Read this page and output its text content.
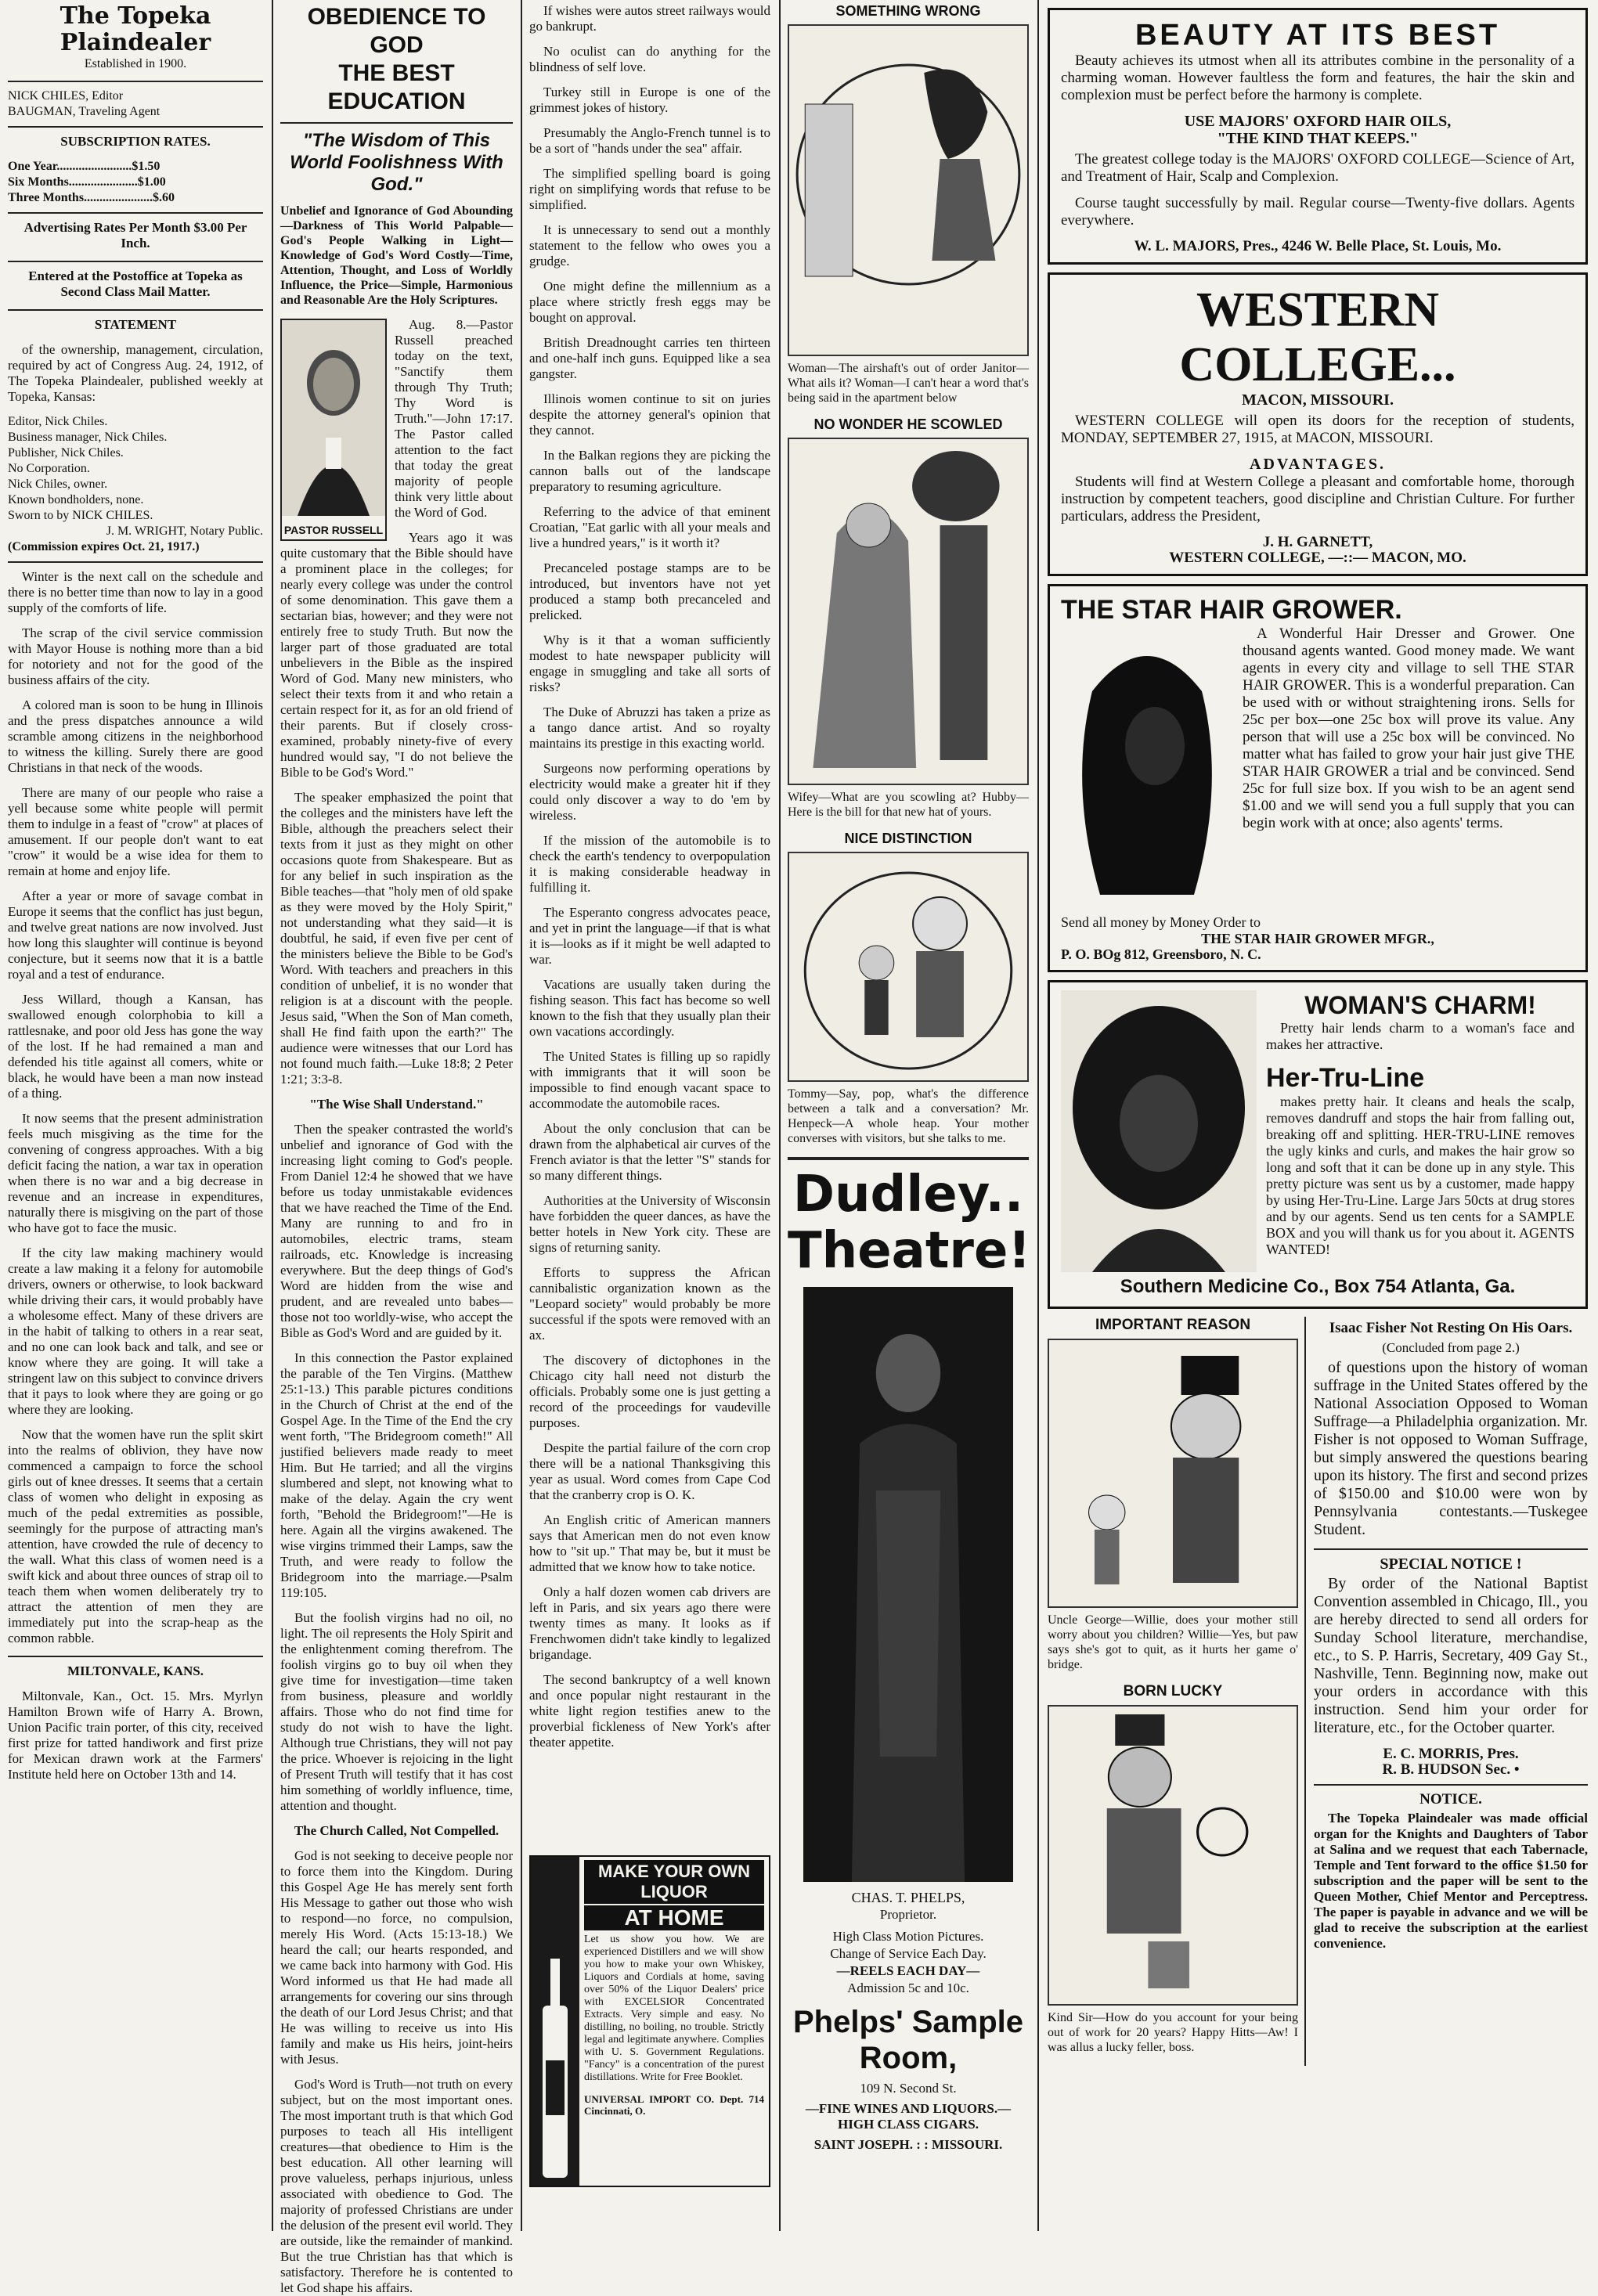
The Topeka Plaindealer

Established in 1900.

NICK CHILES, Editor

BAUGMAN, Traveling Agent

SUBSCRIPTION RATES.

One Year........................$1.50

Six Months......................$1.00

Three Months......................$.60

Advertising Rates Per Month $3.00 Per Inch.

Entered at the Postoffice at Topeka as Second Class Mail Matter.

STATEMENT

of the ownership, management, circulation, required by act of Congress Aug. 24, 1912, of The Topeka Plaindealer, published weekly at Topeka, Kansas:

Editor, Nick Chiles.

Business manager, Nick Chiles.

Publisher, Nick Chiles.

No Corporation.

Nick Chiles, owner.

Known bondholders, none.

Sworn to by NICK CHILES.

J. M. WRIGHT, Notary Public.

(Commission expires Oct. 21, 1917.)

Winter is the next call on the schedule and there is no better time than now to lay in a good supply of the comforts of life.

The scrap of the civil service commission with Mayor House is nothing more than a bid for notoriety and not for the good of the business affairs of the city.

A colored man is soon to be hung in Illinois and the press dispatches announce a wild scramble among citizens in the neighborhood to witness the killing. Surely there are good Christians in that neck of the woods.

There are many of our people who raise a yell because some white people will permit them to indulge in a feast of "crow" at places of amusement. If our people don't want to eat "crow" it would be a wise idea for them to remain at home and enjoy life.

After a year or more of savage combat in Europe it seems that the conflict has just begun, and twelve great nations are now involved. Just how long this slaughter will continue is beyond conjecture, but it seems now that it is a battle royal and a test of endurance.

Jess Willard, though a Kansan, has swallowed enough colorphobia to kill a rattlesnake, and poor old Jess has gone the way of the lost. If he had remained a man and defended his title against all comers, white or black, he would have been a man now instead of a thing.

It now seems that the present administration feels much misgiving as the time for the convening of congress approaches. With a big deficit facing the nation, a war tax in operation when there is no war and a big decrease in revenue and an increase in expenditures, naturally there is misgiving on the part of those who have got to face the music.

If the city law making machinery would create a law making it a felony for automobile drivers, owners or otherwise, to look backward while driving their cars, it would probably have a wholesome effect. Many of these drivers are in the habit of talking to others in a rear seat, and no one can look back and talk, and see or know where they are going. It will take a stringent law on this subject to convince drivers that it pays to look where they are going or go where they are looking.

Now that the women have run the split skirt into the realms of oblivion, they have now commenced a campaign to force the school girls out of knee dresses. It seems that a certain class of women who delight in exposing as much of the pedal extremities as possible, seemingly for the purpose of attracting man's attention, have crowded the rule of decency to the wall. What this class of women need is a swift kick and about three ounces of strap oil to teach them when women deliberately try to attract the attention of men they are immediately put into the scrap-heap as the common rabble.

MILTONVALE, KANS.

Miltonvale, Kan., Oct. 15. Mrs. Myrlyn Hamilton Brown wife of Harry A. Brown, Union Pacific train porter, of this city, received first prize for tatted handiwork and first prize for Mexican drawn work at the Farmers' Institute held here on October 13th and 14.

OBEDIENCE TO GOD
THE BEST EDUCATION
"The Wisdom of This World Foolishness With God."

Unbelief and Ignorance of God Abounding—Darkness of This World Palpable—God's People Walking in Light—Knowledge of God's Word Costly—Time, Attention, Thought, and Loss of Worldly Influence, the Price—Simple, Harmonious and Reasonable Are the Holy Scriptures.

PASTOR RUSSELL

Aug. 8.—Pastor Russell preached today on the text, "Sanctify them through Thy Truth; Thy Word is Truth."—John 17:17. The Pastor called attention to the fact that today the great majority of people think very little about the Word of God.

Years ago it was quite customary that the Bible should have a prominent place in the colleges; for nearly every college was under the control of some denomination. This gave them a sectarian bias, however; and they were not entirely free to study Truth. But now the larger part of those graduated are total unbelievers in the Bible as the inspired Word of God. Many new ministers, who select their texts from it and who retain a certain respect for it, as for an old friend of their parents. But if closely cross-examined, probably ninety-five of every hundred would say, "I do not believe the Bible to be God's Word."

The speaker emphasized the point that the colleges and the ministers have left the Bible, although the preachers select their texts from it just as they might on other occasions quote from Shakespeare. But as for any belief in such inspiration as the Bible teaches—that "holy men of old spake as they were moved by the Holy Spirit," not understanding what they said—it is doubtful, he said, if even five per cent of the ministers believe the Bible to be God's Word. With teachers and preachers in this condition of unbelief, it is no wonder that religion is at a discount with the people. Jesus said, "When the Son of Man cometh, shall He find faith upon the earth?" The audience were witnesses that our Lord has not found much faith.—Luke 18:8; 2 Peter 1:21; 3:3-8.

"The Wise Shall Understand."

Then the speaker contrasted the world's unbelief and ignorance of God with the increasing light coming to God's people. From Daniel 12:4 he showed that we have before us today unmistakable evidences that we have reached the Time of the End. Many are running to and fro in automobiles, electric trams, steam railroads, etc. Knowledge is increasing everywhere. But the deep things of God's Word are hidden from the wise and prudent, and are revealed unto babes—those not too worldly-wise, who accept the Bible as God's Word and are guided by it.

In this connection the Pastor explained the parable of the Ten Virgins. (Matthew 25:1-13.) This parable pictures conditions in the Church of Christ at the end of the Gospel Age. In the Time of the End the cry went forth, "The Bridegroom cometh!" All justified believers made ready to meet Him. But He tarried; and all the virgins slumbered and slept, not knowing what to make of the delay. Again the cry went forth, "Behold the Bridegroom!"—He is here. Again all the virgins awakened. The wise virgins trimmed their Lamps, saw the Truth, and were ready to follow the Bridegroom into the marriage.—Psalm 119:105.

But the foolish virgins had no oil, no light. The oil represents the Holy Spirit and the enlightenment coming therefrom. The foolish virgins go to buy oil when they give time for investigation—time taken from business, pleasure and worldly affairs. Those who do not find time for study do not wish to have the light. Although true Christians, they will not pay the price. Whoever is rejoicing in the light of Present Truth will testify that it has cost him something of worldly influence, time, attention and thought.

The Church Called, Not Compelled.

God is not seeking to deceive people nor to force them into the Kingdom. During this Gospel Age He has merely sent forth His Message to gather out those who wish to respond—no force, no compulsion, merely His Word. (Acts 15:13-18.) We heard the call; our hearts responded, and we came back into harmony with God. His Word informed us that He had made all arrangements for covering our sins through the death of our Lord Jesus Christ; and that He was willing to receive us into His family and make us His heirs, joint-heirs with Jesus.

God's Word is Truth—not truth on every subject, but on the most important ones. The most important truth is that which God purposes to teach all His intelligent creatures—that obedience to Him is the best education. All other learning will prove valueless, perhaps injurious, unless associated with obedience to God. The majority of professed Christians are under the delusion of the present evil world. They are outside, like the remainder of mankind. But the true Christian has that which is satisfactory. Therefore he is contented to let God shape his affairs.

If wishes were autos street railways would go bankrupt.

No oculist can do anything for the blindness of self love.

Turkey still in Europe is one of the grimmest jokes of history.

Presumably the Anglo-French tunnel is to be a sort of "hands under the sea" affair.

The simplified spelling board is going right on simplifying words that refuse to be simplified.

It is unnecessary to send out a monthly statement to the fellow who owes you a grudge.

One might define the millennium as a place where strictly fresh eggs may be bought on approval.

British Dreadnought carries ten thirteen and one-half inch guns. Equipped like a sea gangster.

Illinois women continue to sit on juries despite the attorney general's opinion that they cannot.

In the Balkan regions they are picking the cannon balls out of the landscape preparatory to resuming agriculture.

Referring to the advice of that eminent Croatian, "Eat garlic with all your meals and live a hundred years," is it worth it?

Precanceled postage stamps are to be introduced, but inventors have not yet produced a stamp both precanceled and prelicked.

Why is it that a woman sufficiently modest to hate newspaper publicity will engage in smuggling and take all sorts of risks?

The Duke of Abruzzi has taken a prize as a tango dance artist. And so royalty maintains its prestige in this exacting world.

Surgeons now performing operations by electricity would make a greater hit if they could only discover a way to do 'em by wireless.

If the mission of the automobile is to check the earth's tendency to overpopulation it is making considerable headway in fulfilling it.

The Esperanto congress advocates peace, and yet in print the language—if that is what it is—looks as if it might be well adapted to war.

Vacations are usually taken during the fishing season. This fact has become so well known to the fish that they usually plan their own vacations accordingly.

The United States is filling up so rapidly with immigrants that it will soon be impossible to find enough vacant space to accommodate the automobile races.

About the only conclusion that can be drawn from the alphabetical air curves of the French aviator is that the letter "S" stands for so many different things.

Authorities at the University of Wisconsin have forbidden the queer dances, as have the better hotels in New York city. These are signs of returning sanity.

Efforts to suppress the African cannibalistic organization known as the "Leopard society" would probably be more successful if the spots were removed with an ax.

The discovery of dictophones in the Chicago city hall need not disturb the officials. Probably some one is just getting a record of the proceedings for vaudeville purposes.

Despite the partial failure of the corn crop there will be a national Thanksgiving this year as usual. Word comes from Cape Cod that the cranberry crop is O. K.

An English critic of American manners says that American men do not even know how to "sit up." That may be, but it must be admitted that we know how to take notice.

Only a half dozen women cab drivers are left in Paris, and six years ago there were twenty times as many. It looks as if Frenchwomen didn't take kindly to legalized brigandage.

The second bankruptcy of a well known and once popular night restaurant in the white light region testifies anew to the proverbial fickleness of New York's after theater appetite.

MAKE YOUR OWN LIQUOR
AT HOME

Let us show you how. We are experienced Distillers and we will show you how to make your own Whiskey, Liquors and Cordials at home, saving over 50% of the Liquor Dealers' price with EXCELSIOR Concentrated Extracts. Very simple and easy. No distilling, no boiling, no trouble. Strictly legal and legitimate anywhere. Complies with U. S. Government Regulations. "Fancy" is a concentration of the purest distillations. Write for Free Booklet.

UNIVERSAL IMPORT CO. Dept. 714 Cincinnati, O.

SOMETHING WRONG

Woman—The airshaft's out of order Janitor—What ails it? Woman—I can't hear a word that's being said in the apartment below

NO WONDER HE SCOWLED

Wifey—What are you scowling at? Hubby—Here is the bill for that new hat of yours.

NICE DISTINCTION

Tommy—Say, pop, what's the difference between a talk and a conversation? Mr. Henpeck—A whole heap. Your mother converses with visitors, but she talks to me.

Dudley..
Theatre!

CHAS. T. PHELPS,

Proprietor.

High Class Motion Pictures.

Change of Service Each Day.

—REELS EACH DAY—

Admission 5c and 10c.

Phelps' Sample Room,

109 N. Second St.

—FINE WINES AND LIQUORS.— HIGH CLASS CIGARS.

SAINT JOSEPH. : : MISSOURI.

BEAUTY AT ITS BEST

Beauty achieves its utmost when all its attributes combine in the personality of a charming woman. However faultless the form and features, the hair the skin and complexion must be perfect before the harmony is complete.

USE MAJORS' OXFORD HAIR OILS,

"THE KIND THAT KEEPS."

The greatest college today is the MAJORS' OXFORD COLLEGE—Science of Art, and Treatment of Hair, Scalp and Complexion.

Course taught successfully by mail. Regular course—Twenty-five dollars. Agents everywhere.

W. L. MAJORS, Pres., 4246 W. Belle Place, St. Louis, Mo.

WESTERN COLLEGE...

MACON, MISSOURI.

WESTERN COLLEGE will open its doors for the reception of students, MONDAY, SEPTEMBER 27, 1915, at MACON, MISSOURI.

ADVANTAGES.

Students will find at Western College a pleasant and comfortable home, thorough instruction by competent teachers, good discipline and Christian Culture. For further particulars, address the President,

J. H. GARNETT,

WESTERN COLLEGE, —::— MACON, MO.

THE STAR HAIR GROWER.

A Wonderful Hair Dresser and Grower. One thousand agents wanted. Good money made. We want agents in every city and village to sell THE STAR HAIR GROWER. This is a wonderful preparation. Can be used with or without straightening irons. Sells for 25c per box—one 25c box will prove its value. Any person that will use a 25c box will be convinced. No matter what has failed to grow your hair just give THE STAR HAIR GROWER a trial and be convinced. Send 25c for full size box. If you wish to be an agent send $1.00 and we will send you a full supply that you can begin work with at once; also agents' terms.

Send all money by Money Order to

THE STAR HAIR GROWER MFGR.,

P. O. BOg 812, Greensboro, N. C.

WOMAN'S CHARM!

Pretty hair lends charm to a woman's face and makes her attractive.

Her-Tru-Line

makes pretty hair. It cleans and heals the scalp, removes dandruff and stops the hair from falling out, breaking off and splitting. HER-TRU-LINE removes the ugly kinks and curls, and makes the hair grow so long and soft that it can be done up in any style. This pretty picture was sent us by a customer, made happy by using Her-Tru-Line. Large Jars 50cts at drug stores and by our agents. Send us ten cents for a SAMPLE BOX and you will thank us for you about it. AGENTS WANTED!

Southern Medicine Co., Box 754 Atlanta, Ga.
IMPORTANT REASON

Uncle George—Willie, does your mother still worry about you children? Willie—Yes, but paw says she's got to quit, as it hurts her game o' bridge.

BORN LUCKY

Kind Sir—How do you account for your being out of work for 20 years? Happy Hitts—Aw! I was allus a lucky feller, boss.

Isaac Fisher Not Resting On His Oars.

(Concluded from page 2.)

of questions upon the history of woman suffrage in the United States offered by the National Association Opposed to Woman Suffrage—a Philadelphia organization. Mr. Fisher is not opposed to Woman Suffrage, but simply answered the questions bearing upon its history. The first and second prizes of $150.00 and $10.00 were won by Pennsylvania contestants.—Tuskegee Student.

SPECIAL NOTICE !

By order of the National Baptist Convention assembled in Chicago, Ill., you are hereby directed to send all orders for Sunday School literature, merchandise, etc., to S. P. Harris, Secretary, 409 Gay St., Nashville, Tenn. Beginning now, make out your orders in accordance with this instruction. Send him your order for literature, etc., for the October quarter.

E. C. MORRIS, Pres.

R. B. HUDSON Sec. •

NOTICE.

The Topeka Plaindealer was made official organ for the Knights and Daughters of Tabor at Salina and we request that each Tabernacle, Temple and Tent forward to the office $1.50 for subscription and the paper will be sent to the Queen Mother, Chief Mentor and Perceptress. The paper is payable in advance and we will be glad to receive the subscription at the earliest convenience.
